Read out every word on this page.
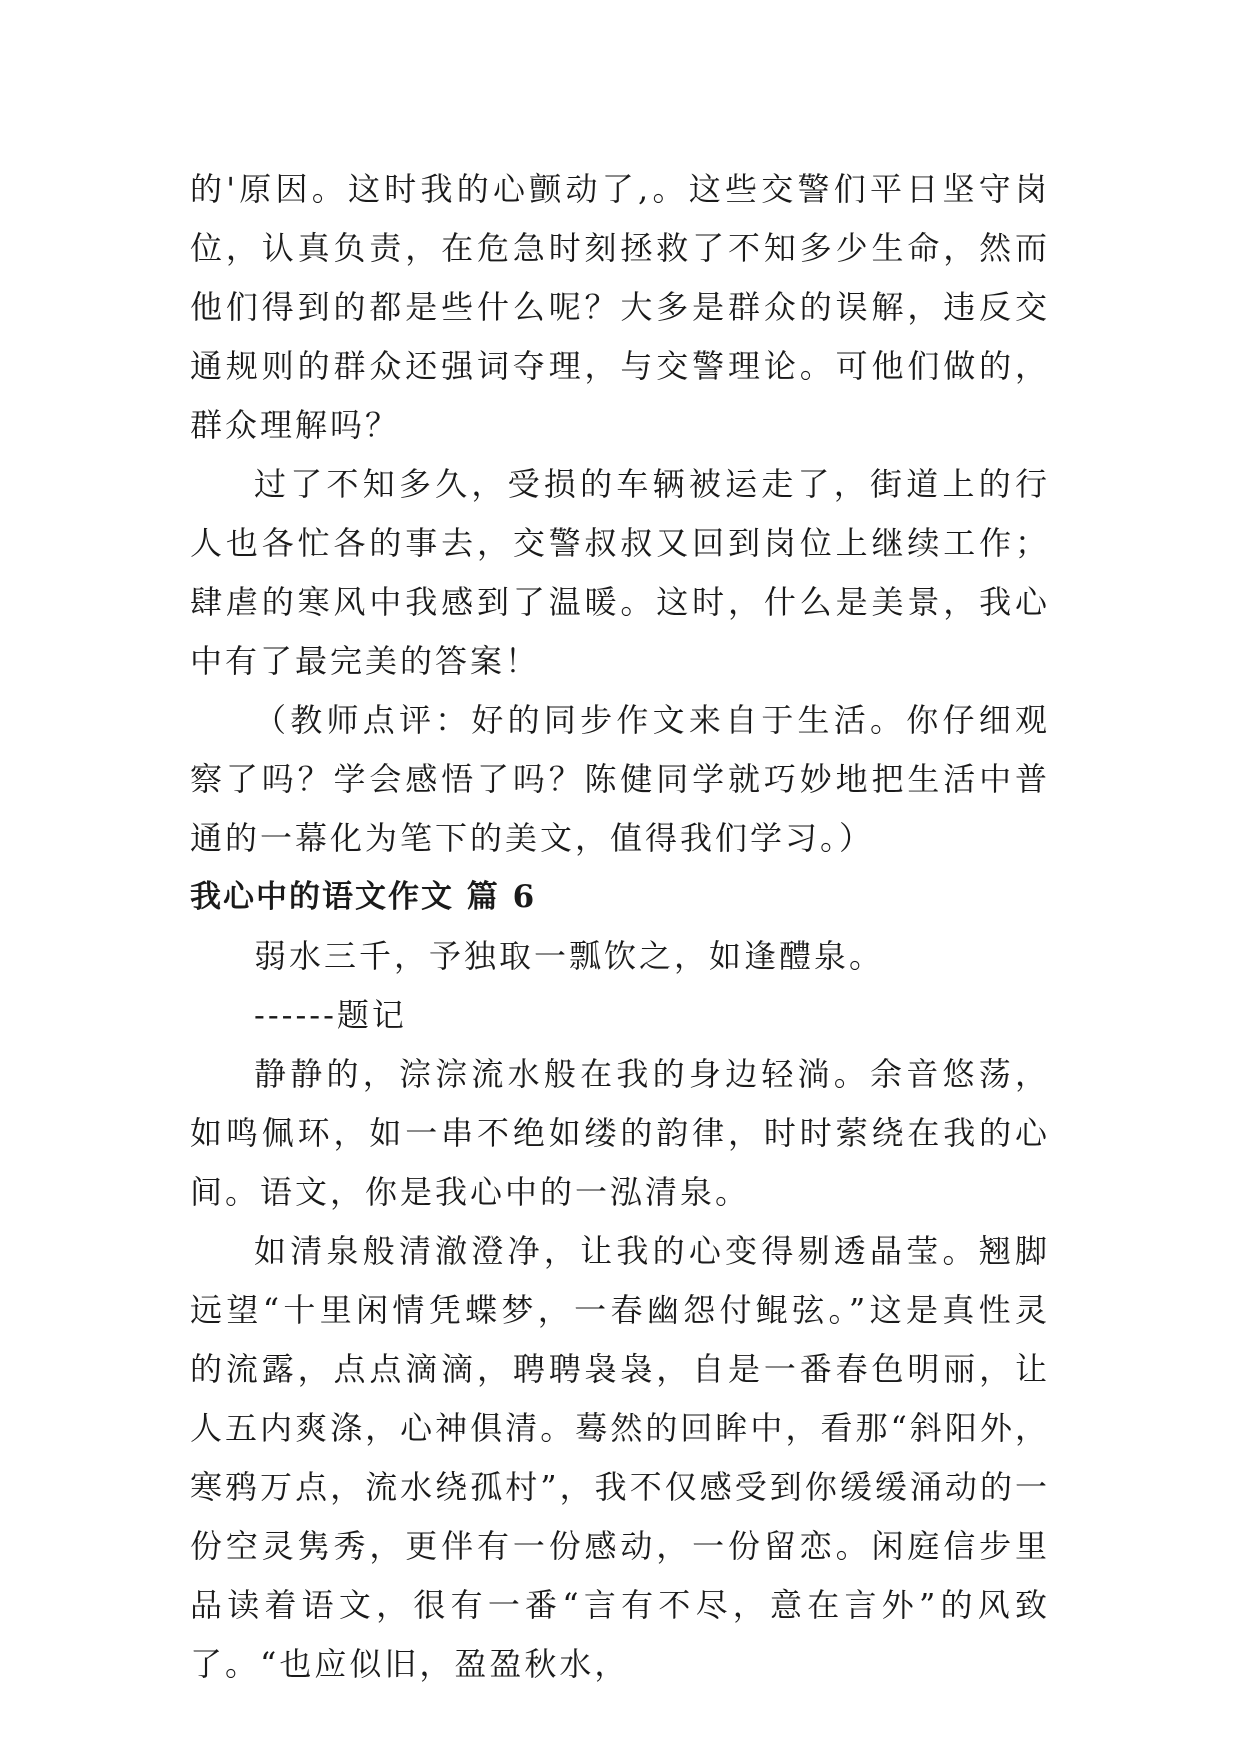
的'原因。这时我的心颤动了,。这些交警们平日坚守岗位，认真负责，在危急时刻拯救了不知多少生命，然而他们得到的都是些什么呢？大多是群众的误解，违反交通规则的群众还强词夺理，与交警理论。可他们做的，群众理解吗？

过了不知多久，受损的车辆被运走了，街道上的行人也各忙各的事去，交警叔叔又回到岗位上继续工作；肆虐的寒风中我感到了温暖。这时，什么是美景，我心中有了最完美的答案！

（教师点评：好的同步作文来自于生活。你仔细观察了吗？学会感悟了吗？陈健同学就巧妙地把生活中普通的一幕化为笔下的美文，值得我们学习。）

我心中的语文作文 篇 6

弱水三千，予独取一瓢饮之，如逢醴泉。

------题记

静静的，淙淙流水般在我的身边轻淌。余音悠荡，如鸣佩环，如一串不绝如缕的韵律，时时萦绕在我的心间。语文，你是我心中的一泓清泉。

如清泉般清澈澄净，让我的心变得剔透晶莹。翘脚远望“十里闲情凭蝶梦，一春幽怨付鲲弦。”这是真性灵的流露，点点滴滴，聘聘袅袅，自是一番春色明丽，让人五内爽涤，心神俱清。蓦然的回眸中，看那“斜阳外，寒鸦万点，流水绕孤村”，我不仅感受到你缓缓涌动的一份空灵隽秀，更伴有一份感动，一份留恋。闲庭信步里品读着语文，很有一番“言有不尽，意在言外”的风致了。“也应似旧，盈盈秋水，
